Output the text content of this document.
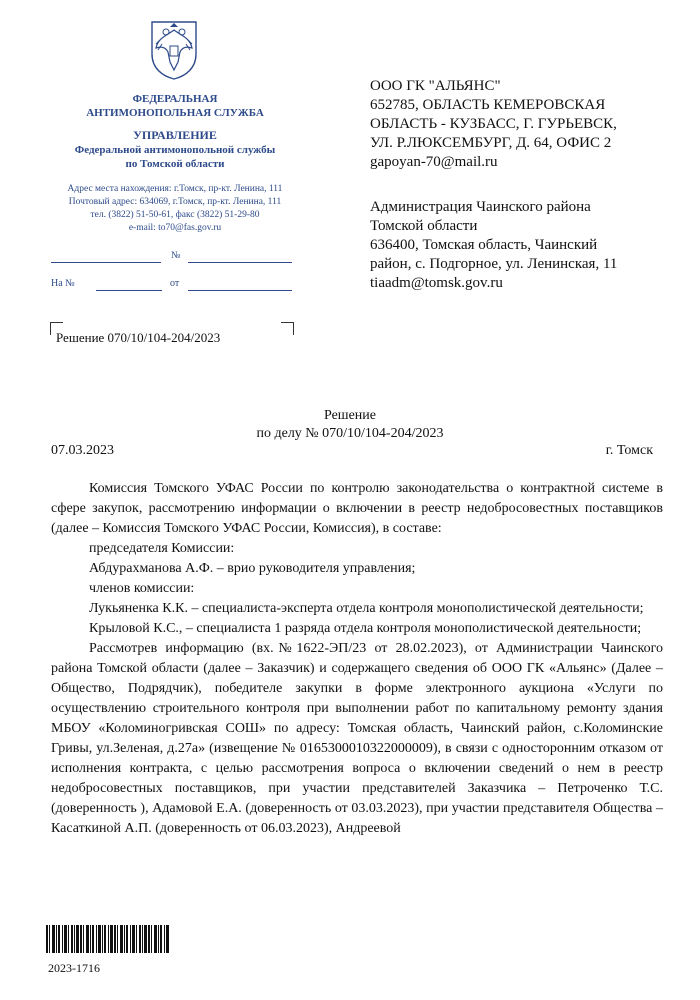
ФЕДЕРАЛЬНАЯ
АНТИМОНОПОЛЬНАЯ СЛУЖБА
УПРАВЛЕНИЕ
Федеральной антимонопольной службы
по Томской области
Адрес места нахождения: г.Томск, пр-кт. Ленина, 111
Почтовый адрес: 634069, г.Томск, пр-кт. Ленина, 111
тел. (3822) 51-50-61, факс (3822) 51-29-80
e-mail: to70@fas.gov.ru
№
На №	от
Решение 070/10/104-204/2023
ООО ГК "АЛЬЯНС"
652785, ОБЛАСТЬ КЕМЕРОВСКАЯ
ОБЛАСТЬ - КУЗБАСС, Г. ГУРЬЕВСК,
УЛ. Р.ЛЮКСЕМБУРГ, Д. 64, ОФИС 2
gapoyan-70@mail.ru
Администрация Чаинского района
Томской области
636400, Томская область, Чаинский
район, с. Подгорное, ул. Ленинская, 11
tiaadm@tomsk.gov.ru
Решение
по делу № 070/10/104-204/2023
07.03.2023	г. Томск

Комиссия Томского УФАС России по контролю законодательства о контрактной системе в сфере закупок, рассмотрению информации о включении в реестр недобросовестных поставщиков (далее – Комиссия Томского УФАС России, Комиссия), в составе:

председателя Комиссии:

Абдурахманова А.Ф. – врио руководителя управления;

членов комиссии:

Лукьяненка К.К. – специалиста-эксперта отдела контроля монополистической деятельности;

Крыловой К.С., – специалиста 1 разряда отдела контроля монополистической деятельности;

Рассмотрев информацию (вх.№1622-ЭП/23 от 28.02.2023), от Администрации Чаинского района Томской области (далее – Заказчик) и содержащего сведения об ООО ГК «Альянс» (Далее – Общество, Подрядчик), победителе закупки в форме электронного аукциона «Услуги по осуществлению строительного контроля при выполнении работ по капитальному ремонту здания МБОУ «Коломиногривская СОШ» по адресу: Томская область, Чаинский район, с.Коломинские Гривы, ул.Зеленая, д.27а» (извещение № 0165300010322000009), в связи с односторонним отказом от исполнения контракта, с целью рассмотрения вопроса о включении сведений о нем в реестр недобросовестных поставщиков, при участии представителей Заказчика – Петроченко Т.С. (доверенность ), Адамовой Е.А. (доверенность от 03.03.2023), при участии представителя Общества – Касаткиной А.П. (доверенность от 06.03.2023), Андреевой

2023-1716
